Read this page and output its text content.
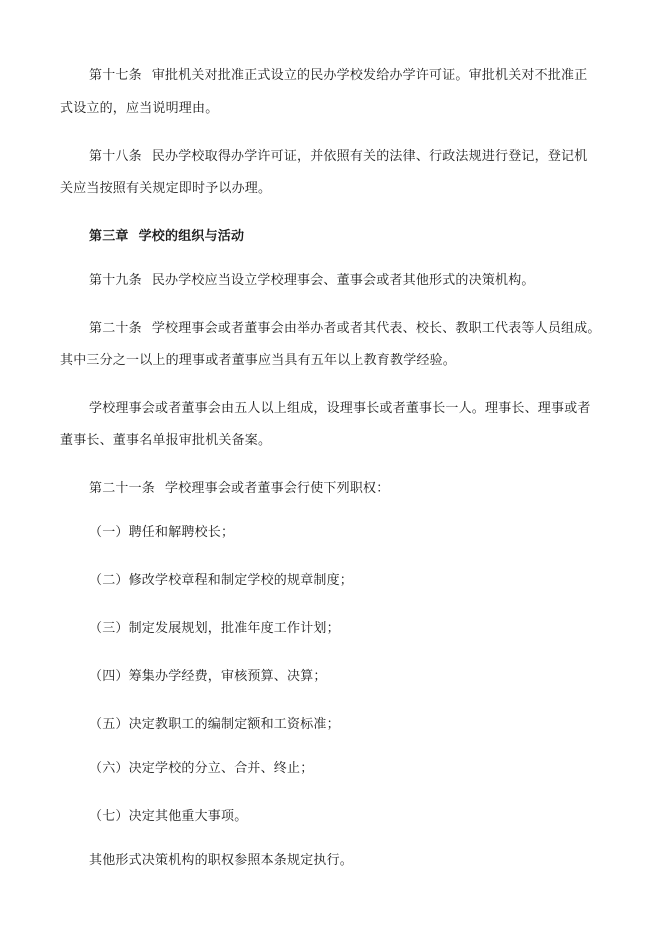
第十七条 审批机关对批准正式设立的民办学校发给办学许可证。审批机关对不批准正
式设立的，应当说明理由。
第十八条 民办学校取得办学许可证，并依照有关的法律、行政法规进行登记，登记机
关应当按照有关规定即时予以办理。
第三章 学校的组织与活动
第十九条 民办学校应当设立学校理事会、董事会或者其他形式的决策机构。
第二十条 学校理事会或者董事会由举办者或者其代表、校长、教职工代表等人员组成。
其中三分之一以上的理事或者董事应当具有五年以上教育教学经验。
学校理事会或者董事会由五人以上组成，设理事长或者董事长一人。理事长、理事或者
董事长、董事名单报审批机关备案。
第二十一条 学校理事会或者董事会行使下列职权：
（一）聘任和解聘校长；
（二）修改学校章程和制定学校的规章制度；
（三）制定发展规划，批准年度工作计划；
（四）筹集办学经费，审核预算、决算；
（五）决定教职工的编制定额和工资标准；
（六）决定学校的分立、合并、终止；
（七）决定其他重大事项。
其他形式决策机构的职权参照本条规定执行。
